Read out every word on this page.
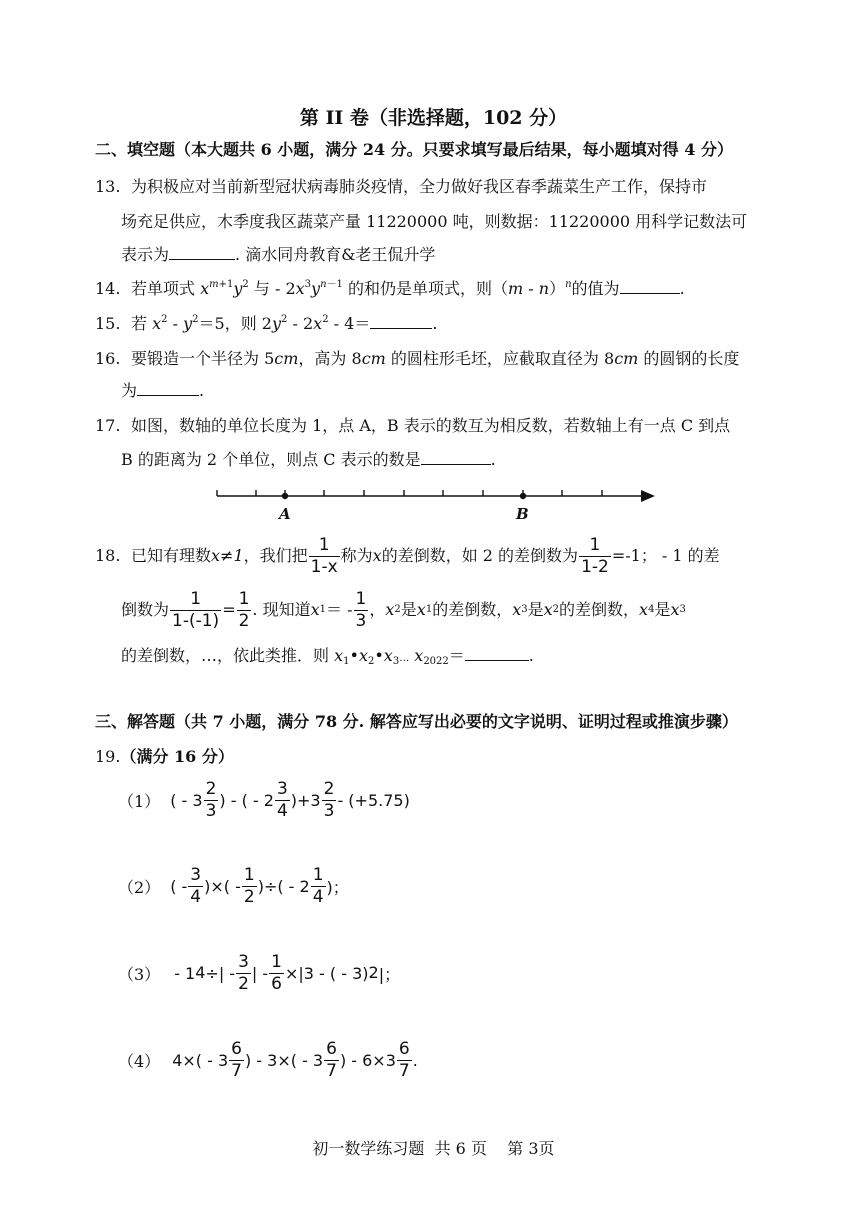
第 II 卷（非选择题，102 分）
二、填空题（本大题共 6 小题，满分 24 分。只要求填写最后结果，每小题填对得 4 分）
13. 为积极应对当前新型冠状病毒肺炎疫情，全力做好我区春季蔬菜生产工作，保持市
场充足供应，木季度我区蔬菜产量 11220000 吨，则数据：11220000 用科学记数法可
表示为	. 滴水同舟教育&老王侃升学
14. 若单项式 $x^{m+1}y^2$ 与 - $2x^3y^{n-1}$ 的和仍是单项式，则（m - n）$^n$的值为	.
15. 若 $x^2 - y^2=5$，则 $2y^2 - 2x^2 - 4=$	.
16. 要锻造一个半径为 5cm，高为 8cm 的圆柱形毛坯，应截取直径为 8cm 的圆钢的长度
为	.
17. 如图，数轴的单位长度为 1，点 A，B 表示的数互为相反数，若数轴上有一点 C 到点
B 的距离为 2 个单位，则点 C 表示的数是	.
A	B
18. 已知有理数 x≠1 ，我们把 $\frac{1}{1-x}$ 称为 x 的差倒数，如 2 的差倒数为 $\frac{1}{1-2} =-1$； - 1 的差
倒数为 $\frac{1}{1-(-1)} = \frac{1}{2}$ . 现知道 x 1 ＝ - $\frac{1}{3}$ ， x 2 是 x 1 的差倒数， x 3 是 x 2 的差倒数， x 4 是 x 3
的差倒数，…，依此类推．则 $x_1•x_2•x_3\dots$ $x_{2022}=$	.
三、解答题（共 7 小题，满分 78 分. 解答应写出必要的文字说明、证明过程或推演步骤）
19.（满分 16 分）
（1） ( - $3 \frac{2}{3}$ ) - ( - $2 \frac{3}{4} )+3 \frac{2}{3} - (+5.75)$
（2） ( - $\frac{3}{4}$ )×( - $\frac{1}{2}$ )÷( - $2 \frac{1}{4}$ )；
（3） - 1 4 ÷| - $\frac{3}{2}$ | - $\frac{1}{6} \times|3$ - ( - 3) 2 |；
（4） $4\times( - 3 \frac{6}{7}$ ) - $3\times( - 3 \frac{6}{7}$ ) - $6\times 3 \frac{6}{7}$ .
初一数学练习题  共 6 页    第 3页
